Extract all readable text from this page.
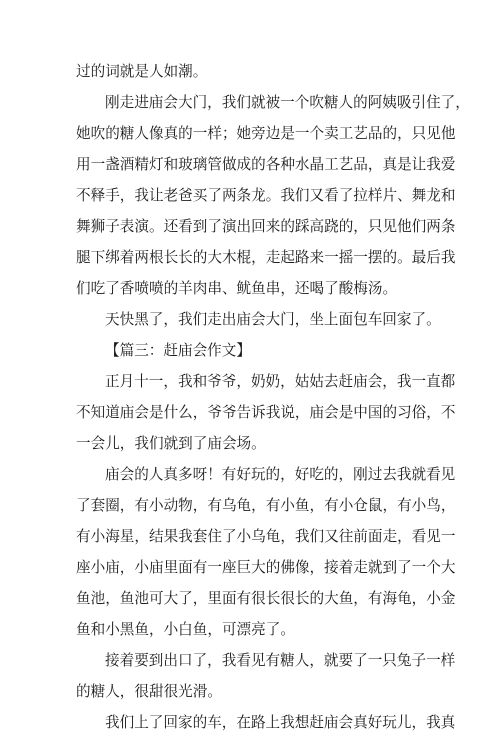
过的词就是人如潮。
刚走进庙会大门，我们就被一个吹糖人的阿姨吸引住了，
她吹的糖人像真的一样；她旁边是一个卖工艺品的，只见他
用一盏酒精灯和玻璃管做成的各种水晶工艺品，真是让我爱
不释手，我让老爸买了两条龙。我们又看了拉样片、舞龙和
舞狮子表演。还看到了演出回来的踩高跷的，只见他们两条
腿下绑着两根长长的大木棍，走起路来一摇一摆的。最后我
们吃了香喷喷的羊肉串、鱿鱼串，还喝了酸梅汤。
天快黑了，我们走出庙会大门，坐上面包车回家了。
【篇三：赶庙会作文】
正月十一，我和爷爷，奶奶，姑姑去赶庙会，我一直都
不知道庙会是什么，爷爷告诉我说，庙会是中国的习俗，不
一会儿，我们就到了庙会场。
庙会的人真多呀！有好玩的，好吃的，刚过去我就看见
了套圈，有小动物，有乌龟，有小鱼，有小仓鼠，有小鸟，
有小海星，结果我套住了小乌龟，我们又往前面走，看见一
座小庙，小庙里面有一座巨大的佛像，接着走就到了一个大
鱼池，鱼池可大了，里面有很长很长的大鱼，有海龟，小金
鱼和小黑鱼，小白鱼，可漂亮了。
接着要到出口了，我看见有糖人，就要了一只兔子一样
的糖人，很甜很光滑。
我们上了回家的车，在路上我想赶庙会真好玩儿，我真
